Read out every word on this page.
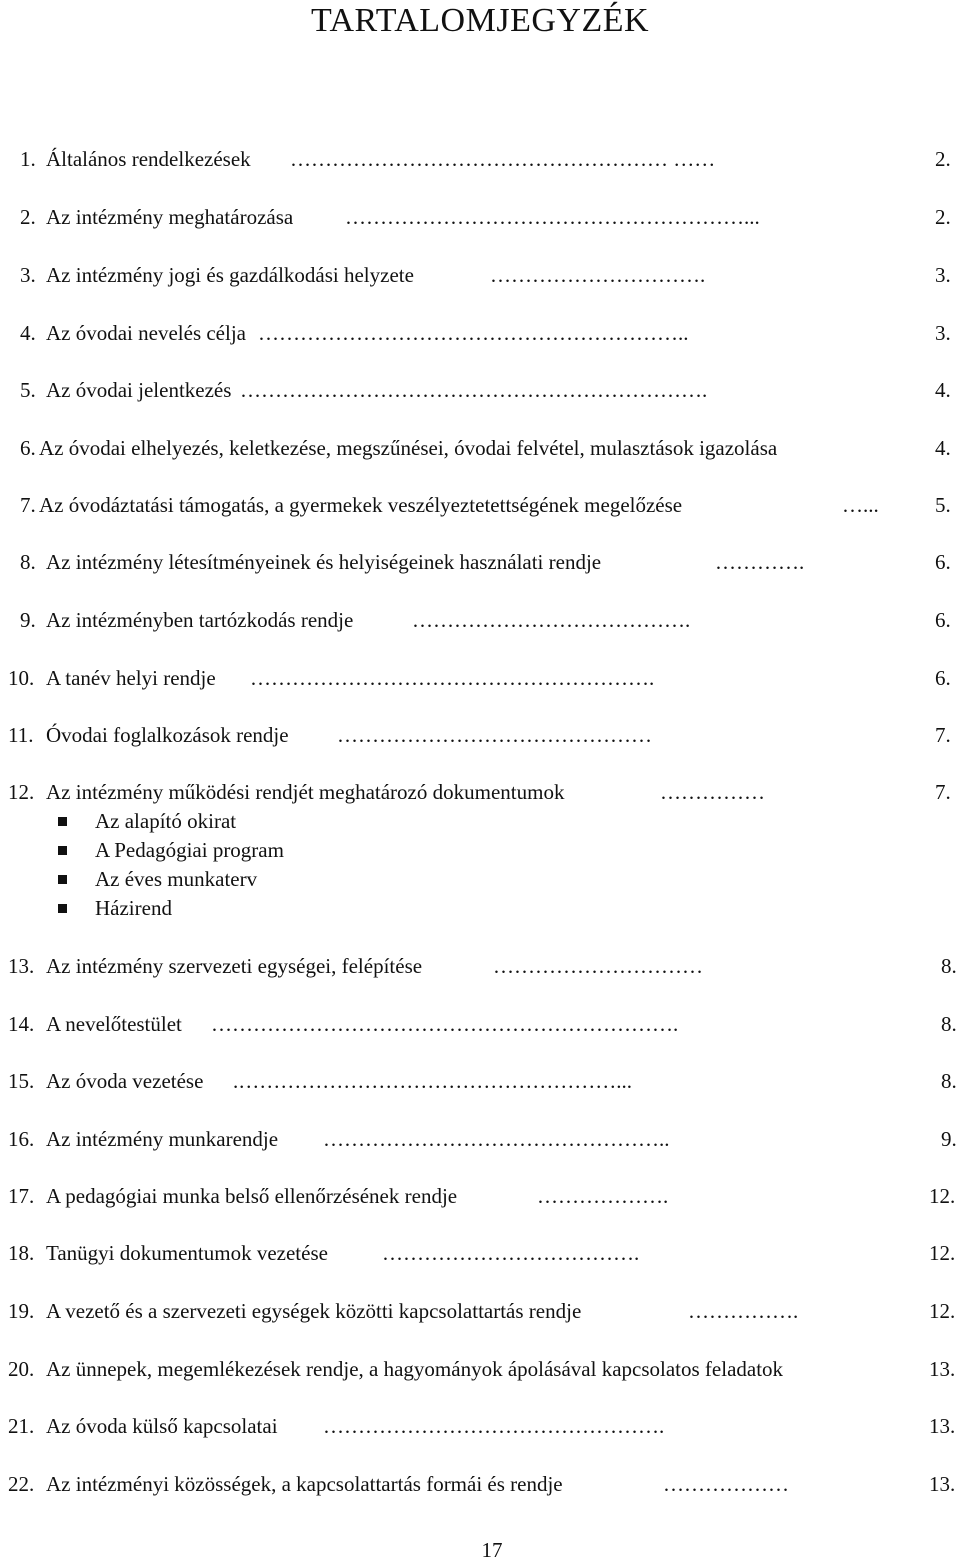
TARTALOMJEGYZÉK
1. Általános rendelkezések ……………………………………………… ……	2.
2. Az intézmény meghatározása …………………………………………………...	2.
3. Az intézmény jogi és gazdálkodási helyzete	………………………….	3.
4. Az óvodai nevelés célja ……………………………………………………..	3.
5. Az óvodai jelentkezés ………………………………………………………….	4.
6. Az óvodai elhelyezés, keletkezése, megszűnései, óvodai felvétel, mulasztások igazolása	4.
7. Az óvodáztatási támogatás, a gyermekek veszélyeztetettségének megelőzése	…...	5.
8. Az intézmény létesítményeinek és helyiségeinek használati rendje	………….	6.
9. Az intézményben tartózkodás rendje	………………………………….	6.
10. A tanév helyi rendje ………………………………………………….	6.
11. Óvodai foglalkozások rendje ………………………………………	7.
12. Az intézmény működési rendjét meghatározó dokumentumok	……………	7.
Az alapító okirat
A Pedagógiai program
Az éves munkaterv
Házirend
13. Az intézmény szervezeti egységei, felépítése	…………………………	8.
14. A nevelőtestület ………………………………………………………….	8.
15. Az óvoda vezetése .………………………………………………...	8.
16. Az intézmény munkarendje …………………………………………..	9.
17. A pedagógiai munka belső ellenőrzésének rendje	……………….	12.
18. Tanügyi dokumentumok vezetése	……………………………….	12.
19. A vezető és a szervezeti egységek közötti kapcsolattartás rendje	…………….	12.
20. Az ünnepek, megemlékezések rendje, a hagyományok ápolásával kapcsolatos feladatok	13.
21. Az óvoda külső kapcsolatai ………………………………………….	13.
22. Az intézményi közösségek, a kapcsolattartás formái és rendje	………………	13.
17
